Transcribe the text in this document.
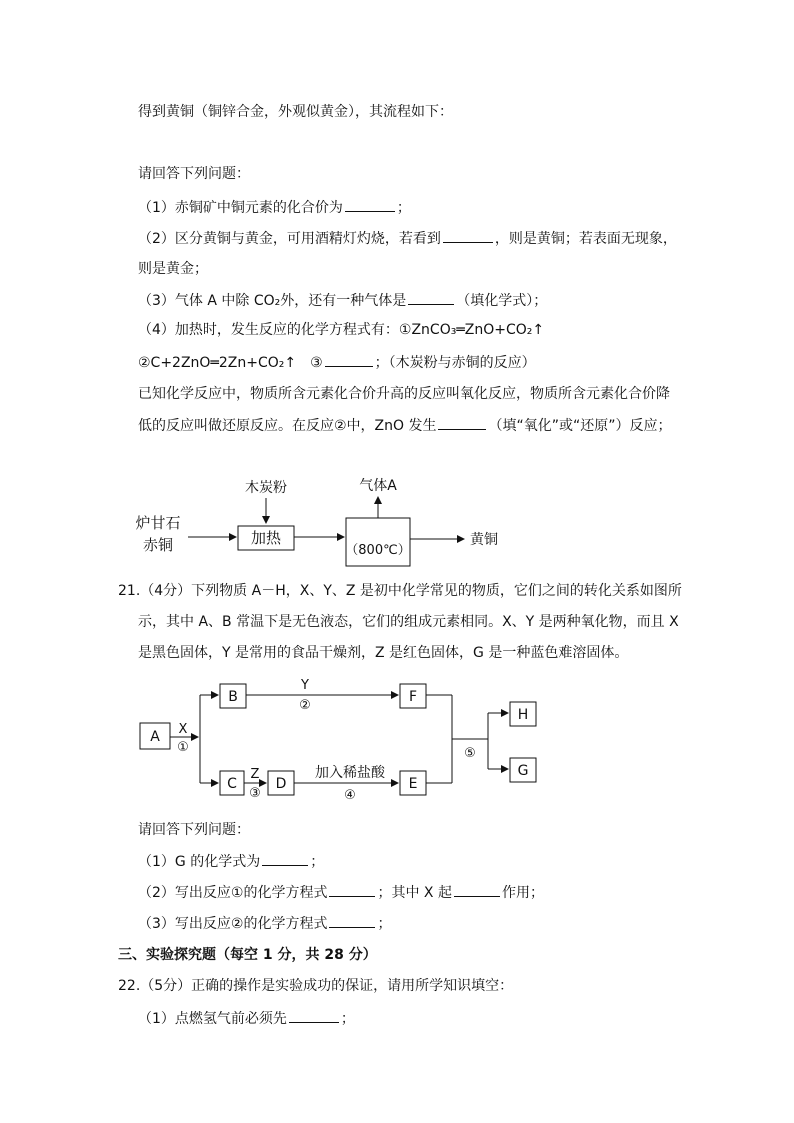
得到黄铜（铜锌合金，外观似黄金），其流程如下：
请回答下列问题：
（1）赤铜矿中铜元素的化合价为	；
（2）区分黄铜与黄金，可用酒精灯灼烧，若看到	，则是黄铜；若表面无现象，
则是黄金；
（3）气体 A 中除 CO₂外，还有一种气体是	（填化学式）；
（4）加热时，发生反应的化学方程式有：①ZnCO₃═ZnO+CO₂↑
②C+2ZnO═2Zn+CO₂↑　③	；（木炭粉与赤铜的反应）
已知化学反应中，物质所含元素化合价升高的反应叫氧化反应，物质所含元素化合价降
低的反应叫做还原反应。在反应②中，ZnO 发生	（填“氧化”或“还原”）反应；
炉甘石
赤铜
木炭粉
加热
（800℃）
气体A
黄铜
21.（4分）下列物质 A－H，X、Y、Z 是初中化学常见的物质，它们之间的转化关系如图所
示，其中 A、B 常温下是无色液态，它们的组成元素相同。X、Y 是两种氧化物，而且 X
是黑色固体，Y 是常用的食品干燥剂，Z 是红色固体，G 是一种蓝色难溶固体。
A X
①
B
Y
②
F
C
Z
③
D
加入稀盐酸
④
E
⑤
H
G
请回答下列问题：
（1）G 的化学式为	；
（2）写出反应①的化学方程式	；其中 X 起	作用；
（3）写出反应②的化学方程式	；
三、实验探究题（每空 1 分，共 28 分）
22.（5分）正确的操作是实验成功的保证，请用所学知识填空：
（1）点燃氢气前必须先	；
